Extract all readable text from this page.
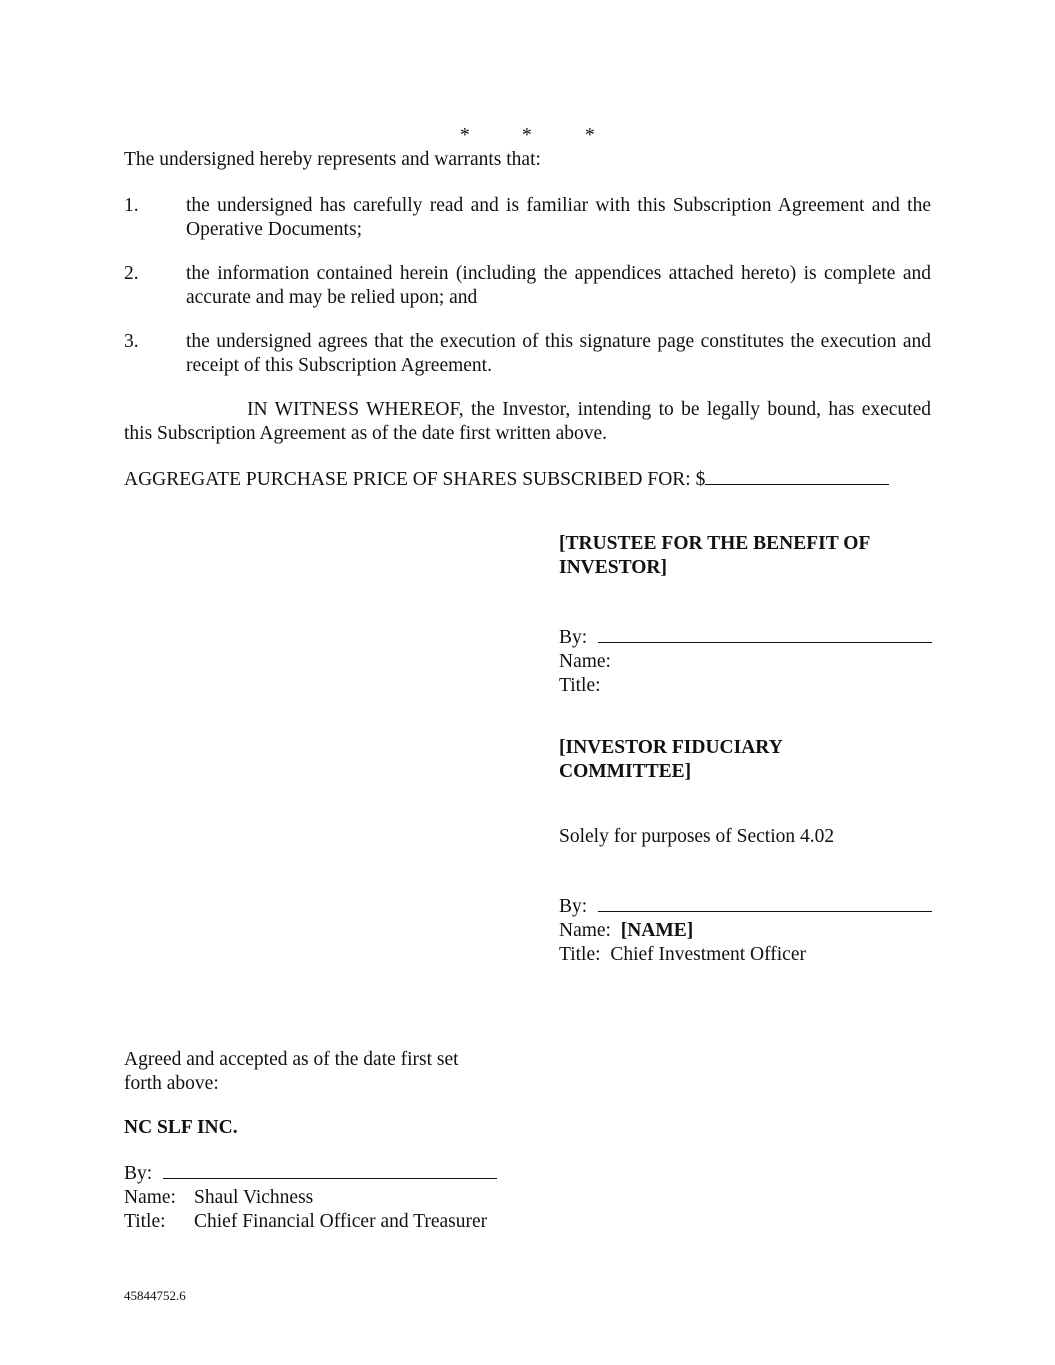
*	*	*
The undersigned hereby represents and warrants that:
1. the undersigned has carefully read and is familiar with this Subscription Agreement and the Operative Documents;
2. the information contained herein (including the appendices attached hereto) is complete and accurate and may be relied upon; and
3. the undersigned agrees that the execution of this signature page constitutes the execution and receipt of this Subscription Agreement.
IN WITNESS WHEREOF, the Investor, intending to be legally bound, has executed this Subscription Agreement as of the date first written above.
AGGREGATE PURCHASE PRICE OF SHARES SUBSCRIBED FOR: $
[TRUSTEE FOR THE BENEFIT OF
INVESTOR]
By:
Name:
Title:
[INVESTOR FIDUCIARY
COMMITTEE]
Solely for purposes of Section 4.02
By:
Name: [NAME]
Title: Chief Investment Officer
Agreed and accepted as of the date first set
forth above:
NC SLF INC.
By:
Name: Shaul Vichness
Title: Chief Financial Officer and Treasurer
45844752.6
